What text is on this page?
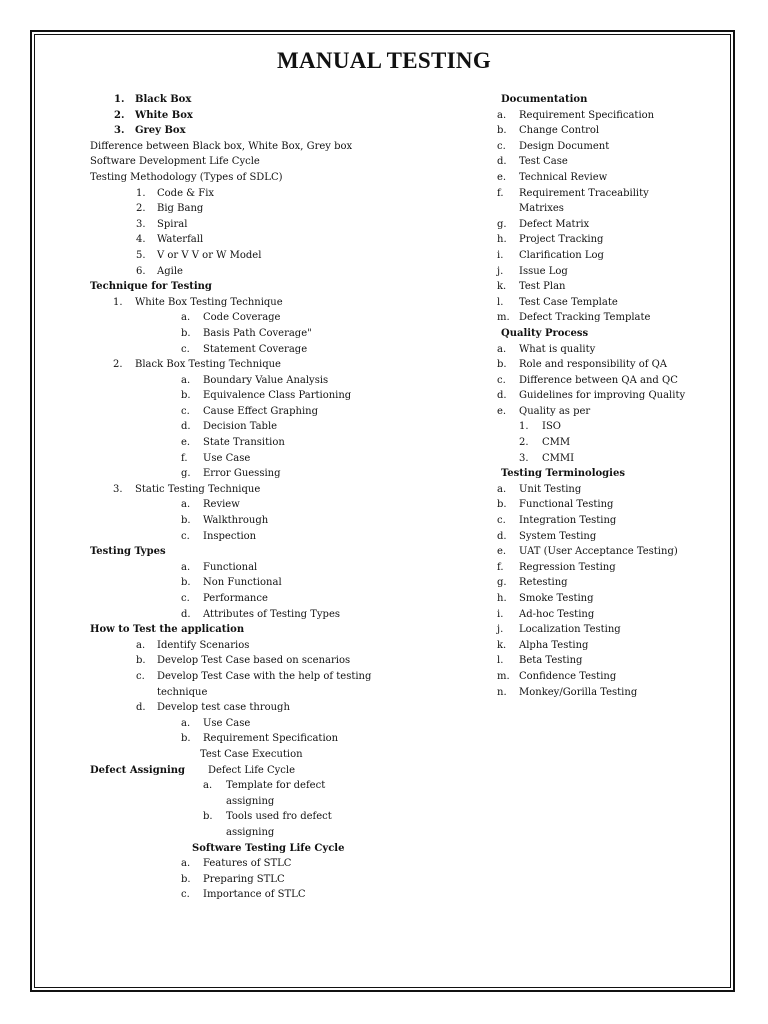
MANUAL TESTING
1. Black Box
2. White Box
3. Grey Box
Difference between Black box, White Box, Grey box
Software Development Life Cycle
Testing Methodology (Types of SDLC)
1. Code & Fix
2. Big Bang
3. Spiral
4. Waterfall
5. V or V V or W Model
6. Agile
Technique for Testing
1. White Box Testing Technique
a. Code Coverage
b. Basis Path Coverage"
c. Statement Coverage
2. Black Box Testing Technique
a. Boundary Value Analysis
b. Equivalence Class Partioning
c. Cause Effect Graphing
d. Decision Table
e. State Transition
f. Use Case
g. Error Guessing
3. Static Testing Technique
a. Review
b. Walkthrough
c. Inspection
Testing Types
a. Functional
b. Non Functional
c. Performance
d. Attributes of Testing Types
How to Test the application
a. Identify Scenarios
b. Develop Test Case based on scenarios
c. Develop Test Case with the help of testing
technique
d. Develop test case through
a. Use Case
b. Requirement Specification
Test Case Execution
Defect Assigning Defect Life Cycle
a. Template for defect
assigning
b. Tools used fro defect
assigning
Software Testing Life Cycle
a. Features of STLC
b. Preparing STLC
c. Importance of STLC
Documentation
a. Requirement Specification
b. Change Control
c. Design Document
d. Test Case
e. Technical Review
f. Requirement Traceability
Matrixes
g. Defect Matrix
h. Project Tracking
i. Clarification Log
j. Issue Log
k. Test Plan
l. Test Case Template
m. Defect Tracking Template
Quality Process
a. What is quality
b. Role and responsibility of QA
c. Difference between QA and QC
d. Guidelines for improving Quality
e. Quality as per
1. ISO
2. CMM
3. CMMI
Testing Terminologies
a. Unit Testing
b. Functional Testing
c. Integration Testing
d. System Testing
e. UAT (User Acceptance Testing)
f. Regression Testing
g. Retesting
h. Smoke Testing
i. Ad-hoc Testing
j. Localization Testing
k. Alpha Testing
l. Beta Testing
m. Confidence Testing
n. Monkey/Gorilla Testing
